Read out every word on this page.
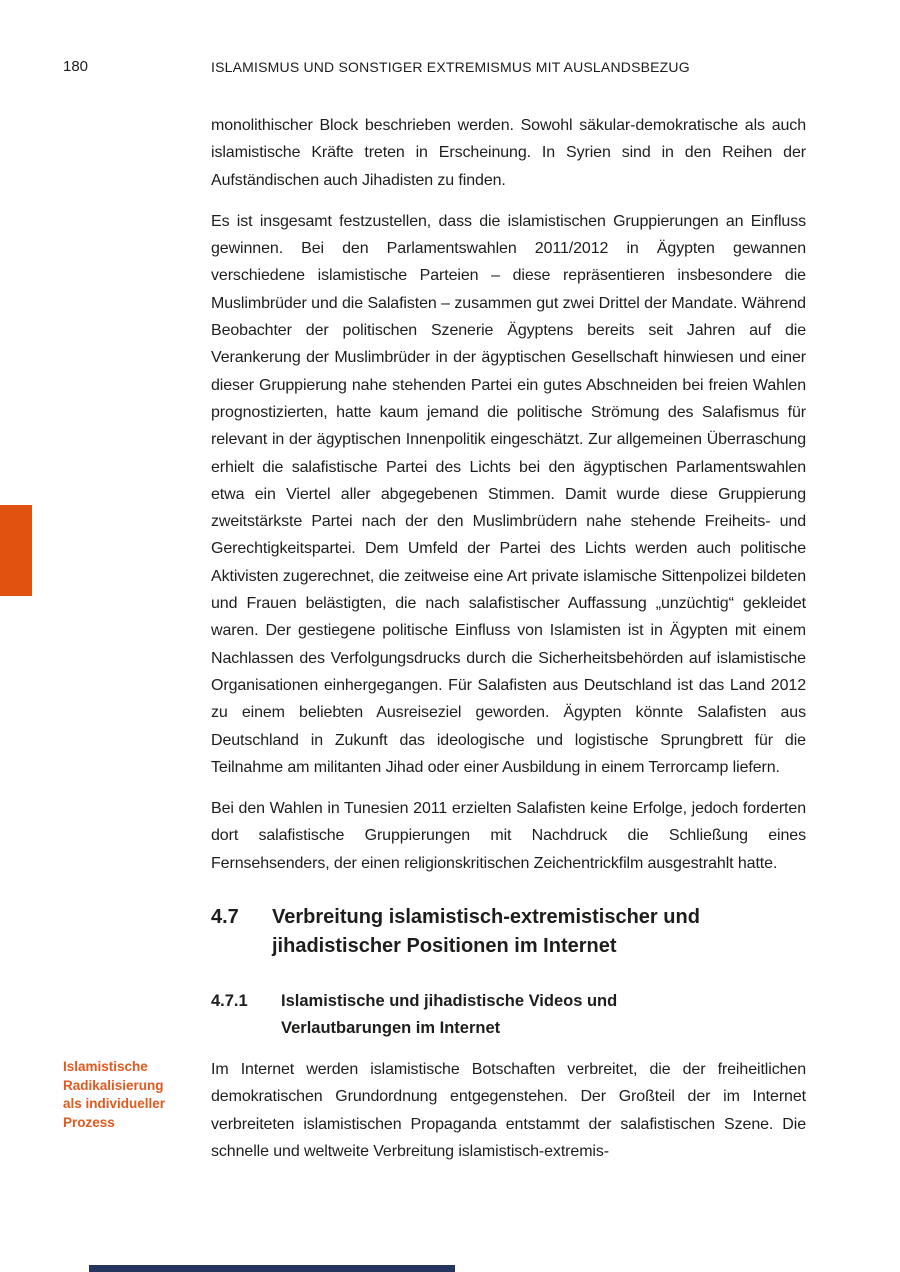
180	ISLAMISMUS UND SONSTIGER EXTREMISMUS MIT AUSLANDSBEZUG

monolithischer Block beschrieben werden. Sowohl säkular-demokratische als auch islamistische Kräfte treten in Erscheinung. In Syrien sind in den Reihen der Aufständischen auch Jihadisten zu finden.

Es ist insgesamt festzustellen, dass die islamistischen Gruppierungen an Einfluss gewinnen. Bei den Parlamentswahlen 2011/2012 in Ägypten gewannen verschiedene islamistische Parteien – diese repräsentieren insbesondere die Muslimbrüder und die Salafisten – zusammen gut zwei Drittel der Mandate. Während Beobachter der politischen Szenerie Ägyptens bereits seit Jahren auf die Verankerung der Muslimbrüder in der ägyptischen Gesellschaft hinwiesen und einer dieser Gruppierung nahe stehenden Partei ein gutes Abschneiden bei freien Wahlen prognostizierten, hatte kaum jemand die politische Strömung des Salafismus für relevant in der ägyptischen Innenpolitik eingeschätzt. Zur allgemeinen Überraschung erhielt die salafistische Partei des Lichts bei den ägyptischen Parlamentswahlen etwa ein Viertel aller abgegebenen Stimmen. Damit wurde diese Gruppierung zweitstärkste Partei nach der den Muslimbrüdern nahe stehende Freiheits- und Gerechtigkeitspartei. Dem Umfeld der Partei des Lichts werden auch politische Aktivisten zugerechnet, die zeitweise eine Art private islamische Sittenpolizei bildeten und Frauen belästigten, die nach salafistischer Auffassung „unzüchtig“ gekleidet waren. Der gestiegene politische Einfluss von Islamisten ist in Ägypten mit einem Nachlassen des Verfolgungsdrucks durch die Sicherheitsbehörden auf islamistische Organisationen einhergegangen. Für Salafisten aus Deutschland ist das Land 2012 zu einem beliebten Ausreiseziel geworden. Ägypten könnte Salafisten aus Deutschland in Zukunft das ideologische und logistische Sprungbrett für die Teilnahme am militanten Jihad oder einer Ausbildung in einem Terrorcamp liefern.

Bei den Wahlen in Tunesien 2011 erzielten Salafisten keine Erfolge, jedoch forderten dort salafistische Gruppierungen mit Nachdruck die Schließung eines Fernsehsenders, der einen religionskritischen Zeichentrickfilm ausgestrahlt hatte.

4.7	Verbreitung islamistisch-extremistischer und
jihadistischer Positionen im Internet
4.7.1	Islamistische und jihadistische Videos und
Verlautbarungen im Internet
Islamistische Radikalisierung als individueller Prozess

Im Internet werden islamistische Botschaften verbreitet, die der freiheitlichen demokratischen Grundordnung entgegenstehen. Der Großteil der im Internet verbreiteten islamistischen Propaganda entstammt der salafistischen Szene. Die schnelle und weltweite Verbreitung islamistisch-extremis-
